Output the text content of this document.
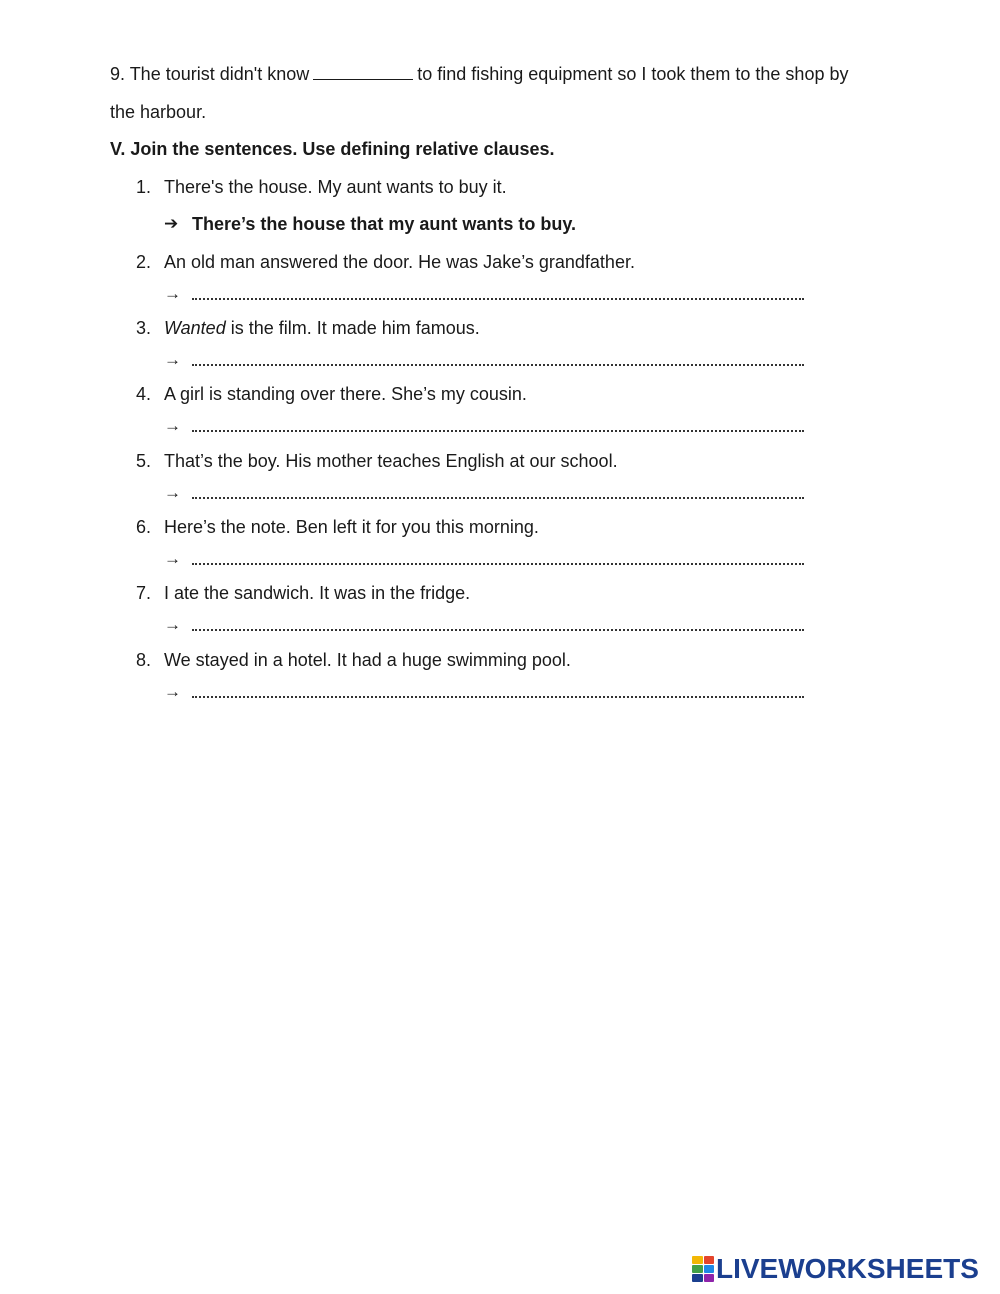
9. The tourist didn't know	to find fishing equipment so I took them to the shop by
the harbour.
V. Join the sentences. Use defining relative clauses.
1. There's the house. My aunt wants to buy it.
➔ There’s the house that my aunt wants to buy.
2. An old man answered the door. He was Jake’s grandfather.
→
3. Wanted is the film. It made him famous.
→
4. A girl is standing over there. She’s my cousin.
→
5. That’s the boy. His mother teaches English at our school.
→
6. Here’s the note. Ben left it for you this morning.
→
7. I ate the sandwich. It was in the fridge.
→
8. We stayed in a hotel. It had a huge swimming pool.
→
LIVEWORKSHEETS
